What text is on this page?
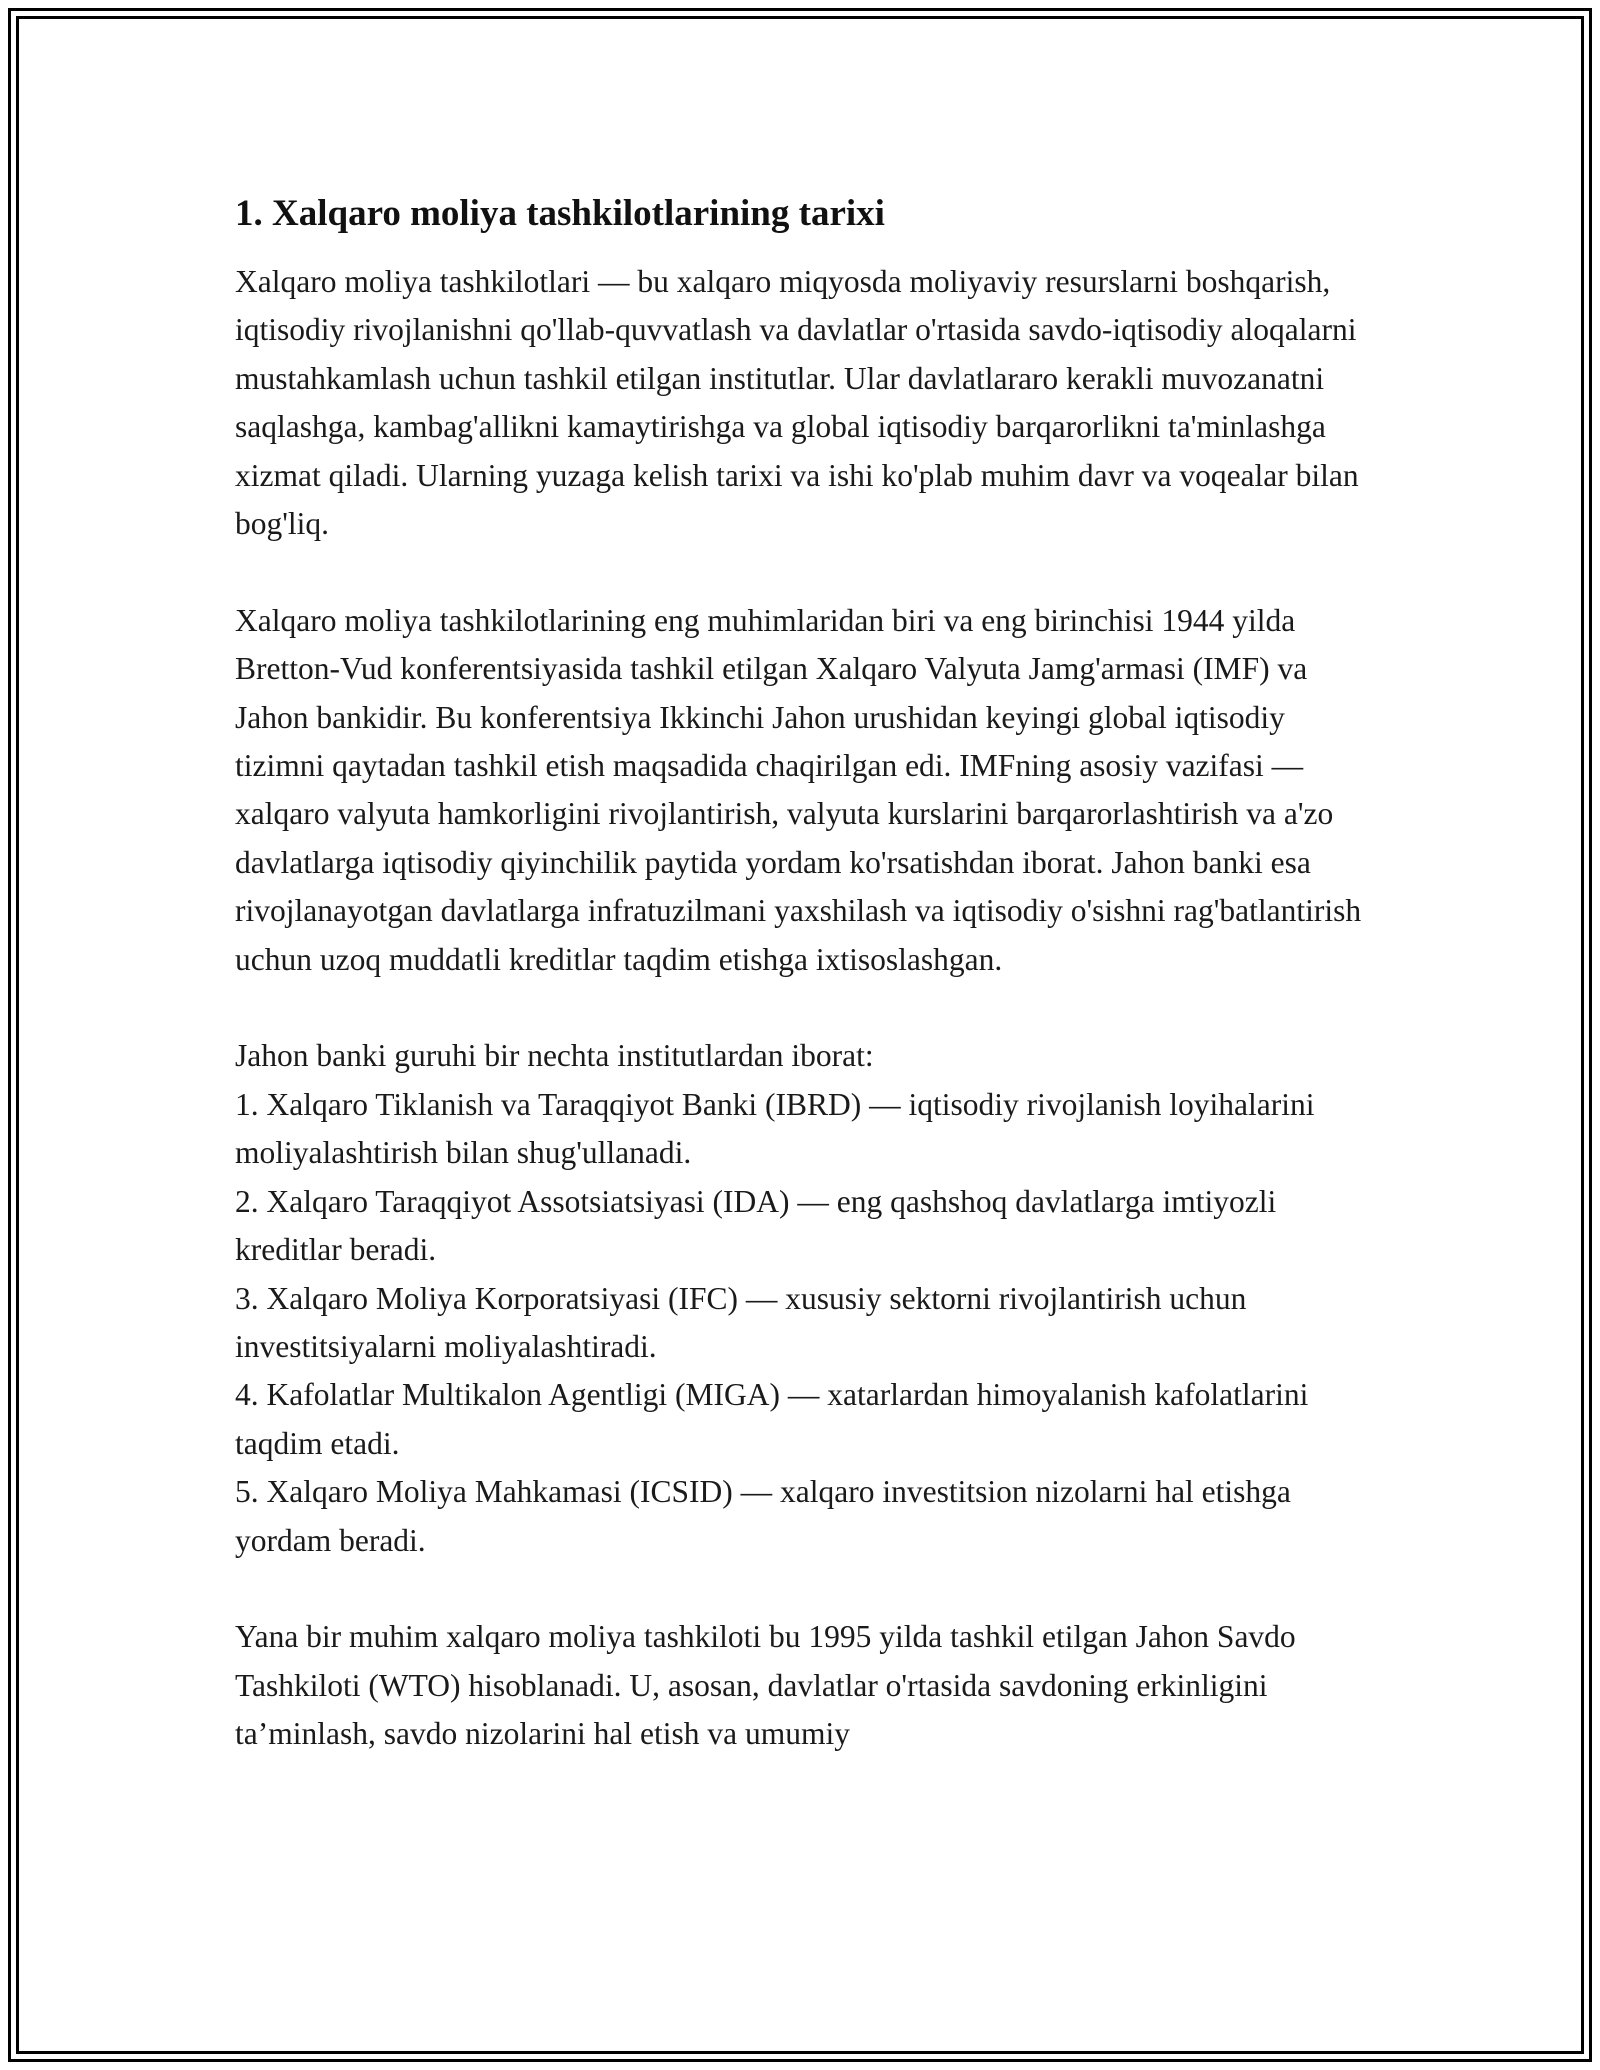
1. Xalqaro moliya tashkilotlarining tarixi

Xalqaro moliya tashkilotlari — bu xalqaro miqyosda moliyaviy resurslarni boshqarish, iqtisodiy rivojlanishni qo'llab-quvvatlash va davlatlar o'rtasida savdo-iqtisodiy aloqalarni mustahkamlash uchun tashkil etilgan institutlar. Ular davlatlararo kerakli muvozanatni saqlashga, kambag'allikni kamaytirishga va global iqtisodiy barqarorlikni ta'minlashga xizmat qiladi. Ularning yuzaga kelish tarixi va ishi ko'plab muhim davr va voqealar bilan bog'liq.

Xalqaro moliya tashkilotlarining eng muhimlaridan biri va eng birinchisi 1944 yilda Bretton-Vud konferentsiyasida tashkil etilgan Xalqaro Valyuta Jamg'armasi (IMF) va Jahon bankidir. Bu konferentsiya Ikkinchi Jahon urushidan keyingi global iqtisodiy tizimni qaytadan tashkil etish maqsadida chaqirilgan edi. IMFning asosiy vazifasi — xalqaro valyuta hamkorligini rivojlantirish, valyuta kurslarini barqarorlashtirish va a'zo davlatlarga iqtisodiy qiyinchilik paytida yordam ko'rsatishdan iborat. Jahon banki esa rivojlanayotgan davlatlarga infratuzilmani yaxshilash va iqtisodiy o'sishni rag'batlantirish uchun uzoq muddatli kreditlar taqdim etishga ixtisoslashgan.

Jahon banki guruhi bir nechta institutlardan iborat:

1. Xalqaro Tiklanish va Taraqqiyot Banki (IBRD) — iqtisodiy rivojlanish loyihalarini moliyalashtirish bilan shug'ullanadi.

2. Xalqaro Taraqqiyot Assotsiatsiyasi (IDA) — eng qashshoq davlatlarga imtiyozli kreditlar beradi.

3. Xalqaro Moliya Korporatsiyasi (IFC) — xususiy sektorni rivojlantirish uchun investitsiyalarni moliyalashtiradi.

4. Kafolatlar Multikalon Agentligi (MIGA) — xatarlardan himoyalanish kafolatlarini taqdim etadi.

5. Xalqaro Moliya Mahkamasi (ICSID) — xalqaro investitsion nizolarni hal etishga yordam beradi.

Yana bir muhim xalqaro moliya tashkiloti bu 1995 yilda tashkil etilgan Jahon Savdo Tashkiloti (WTO) hisoblanadi. U, asosan, davlatlar o'rtasida savdoning erkinligini ta’minlash, savdo nizolarini hal etish va umumiy
